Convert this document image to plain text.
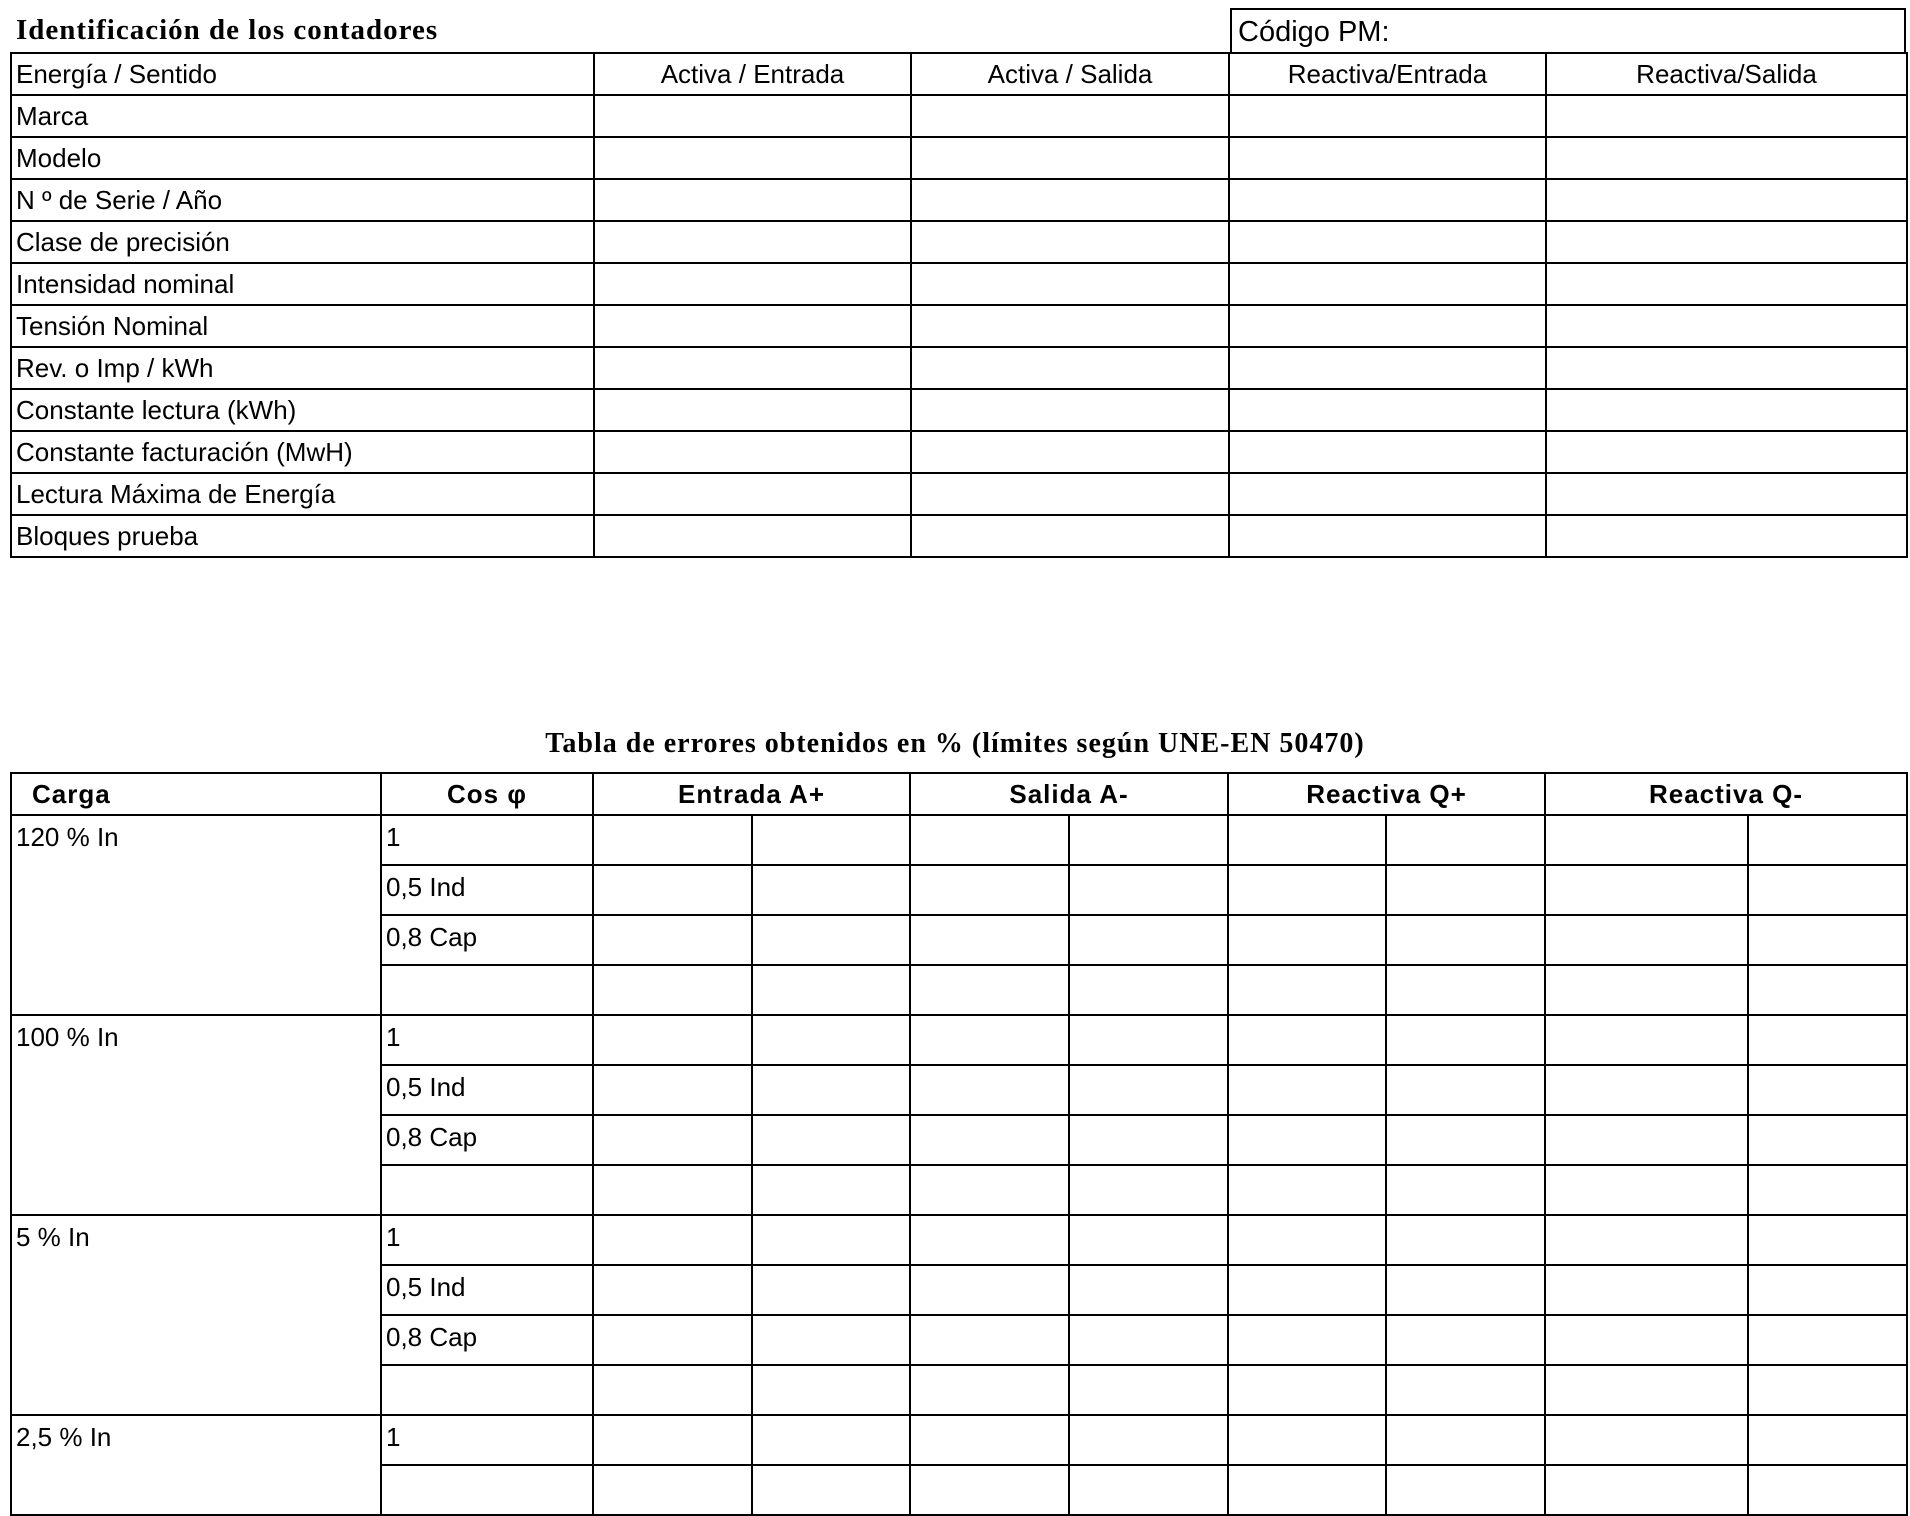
Identificación de los contadores	Código PM:
Energía / Sentido	Activa / Entrada	Activa / Salida	Reactiva/Entrada	Reactiva/Salida
Marca				
Modelo				
N º de Serie / Año				
Clase de precisión				
Intensidad nominal				
Tensión Nominal				
Rev. o Imp / kWh				
Constante lectura (kWh)				
Constante facturación (MwH)				
Lectura Máxima de Energía				
Bloques prueba				
Tabla de errores obtenidos en % (límites según UNE-EN 50470)
Carga	Cos φ	Entrada A+		Salida A-		Reactiva Q+		Reactiva Q-	
120 % In	1								
	0,5 Ind								
	0,8 Cap								

100 % In	1								
	0,5 Ind								
	0,8 Cap								

5 % In	1								
	0,5 Ind								
	0,8 Cap								

2,5 % In	1								
